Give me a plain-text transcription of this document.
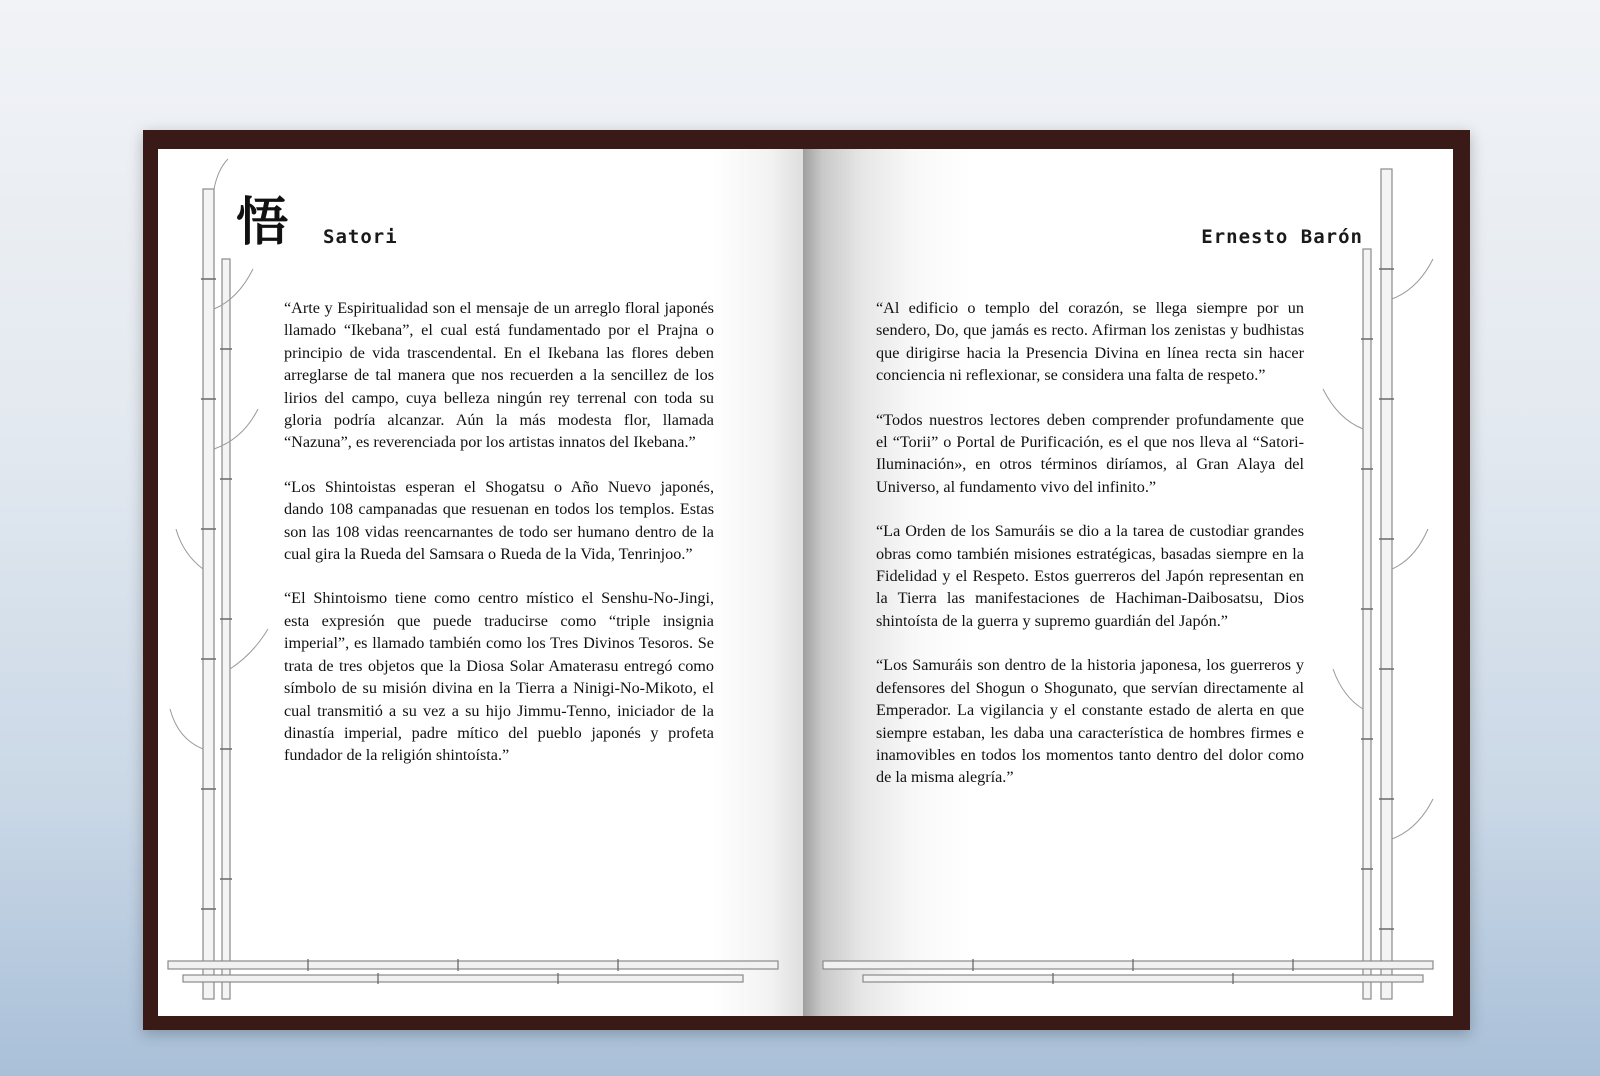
悟 Satori

“Arte y Espiritualidad son el mensaje de un arreglo floral japonés llamado “Ikebana”, el cual está fundamentado por el Prajna o principio de vida trascendental. En el Ikebana las flores deben arreglarse de tal manera que nos recuerden a la sencillez de los lirios del campo, cuya belleza ningún rey terrenal con toda su gloria podría alcanzar. Aún la más modesta flor, llamada “Nazuna”, es reverenciada por los artistas innatos del Ikebana.”

“Los Shintoistas esperan el Shogatsu o Año Nuevo japonés, dando 108 campanadas que resuenan en todos los templos. Estas son las 108 vidas reencarnantes de todo ser humano dentro de la cual gira la Rueda del Samsara o Rueda de la Vida, Tenrinjoo.”

“El Shintoismo tiene como centro místico el Senshu-No-Jingi, esta expresión que puede traducirse como “triple insignia imperial”, es llamado también como los Tres Divinos Tesoros. Se trata de tres objetos que la Diosa Solar Amaterasu entregó como símbolo de su misión divina en la Tierra a Ninigi-No-Mikoto, el cual transmitió a su vez a su hijo Jimmu-Tenno, iniciador de la dinastía imperial, padre mítico del pueblo japonés y profeta fundador de la religión shintoísta.”

Ernesto Barón

“Al edificio o templo del corazón, se llega siempre por un sendero, Do, que jamás es recto. Afirman los zenistas y budhistas que dirigirse hacia la Presencia Divina en línea recta sin hacer conciencia ni reflexionar, se considera una falta de respeto.”

“Todos nuestros lectores deben comprender profundamente que el “Torii” o Portal de Purificación, es el que nos lleva al “Satori-Iluminación», en otros términos diríamos, al Gran Alaya del Universo, al fundamento vivo del infinito.”

“La Orden de los Samuráis se dio a la tarea de custodiar grandes obras como también misiones estratégicas, basadas siempre en la Fidelidad y el Respeto. Estos guerreros del Japón representan en la Tierra las manifestaciones de Hachiman-Daibosatsu, Dios shintoísta de la guerra y supremo guardián del Japón.”

“Los Samuráis son dentro de la historia japonesa, los guerreros y defensores del Shogun o Shogunato, que servían directamente al Emperador. La vigilancia y el constante estado de alerta en que siempre estaban, les daba una característica de hombres firmes e inamovibles en todos los momentos tanto dentro del dolor como de la misma alegría.”
